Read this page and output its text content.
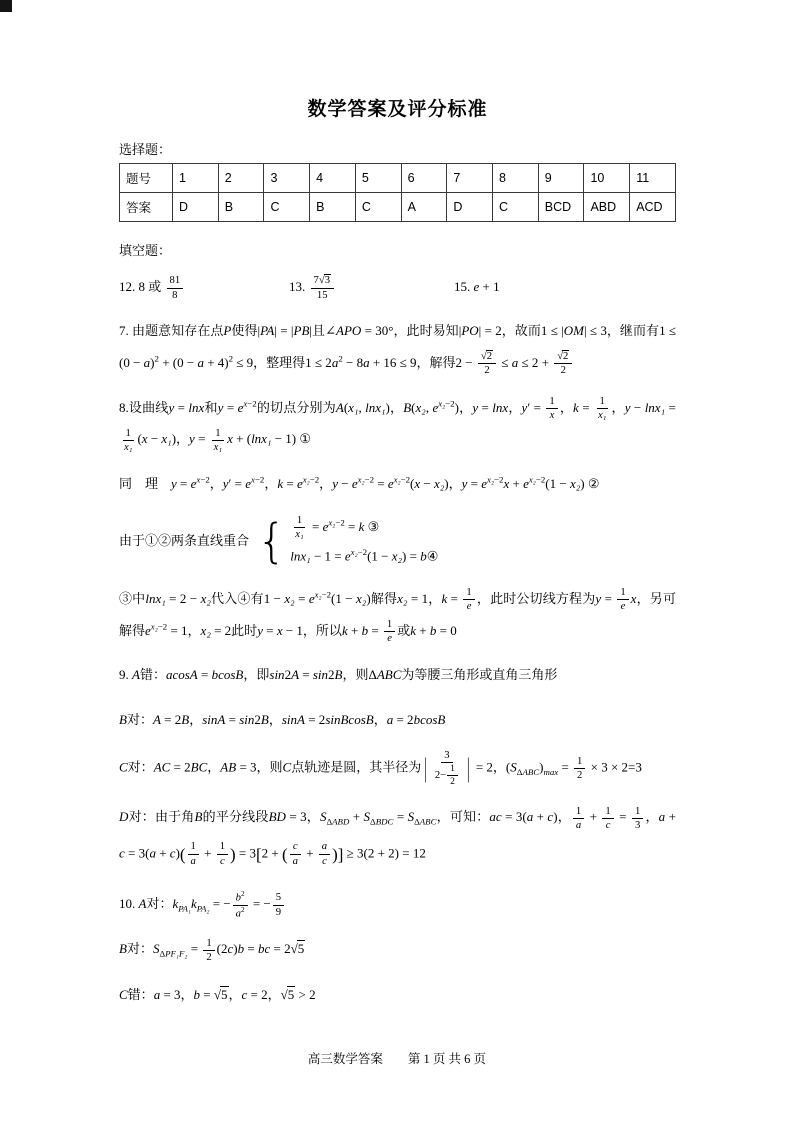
数学答案及评分标准
选择题：
题号	1	2	3	4	5	6	7	8	9	10	11
答案	D	B	C	B	C	A	D	C	BCD	ABD	ACD
填空题：
12. 8 或 $\frac{81}{8}$	13. $\frac{7√3}{15}$	15. e + 1

7. 由题意知存在点P使得|PA| = |PB|且∠APO = 30°，此时易知|PO| = 2，故而1 ≤ |OM| ≤ 3，继而有$1 \le (0 - a)^2 + (0 - a + 4)^2 \le 9$，整理得$1 \le 2a^2 - 8a + 16 \le 9$，解得$2 - \frac{√2}{2} \le a \le 2 + \frac{√2}{2}$

8.设曲线y = lnx和$y = e^{x-2}$的切点分别为A(x₁, lnx₁)，B(x₂, $e^{x_2-2}$)，y = lnx，$y' = \frac{1}{x}$ ，$k = \frac{1}{\text{x₁}}$ ，y − lnx₁ =
$\frac{1}{\text{x₁}} (x - x_1)$，$y = \frac{1}{\text{x₁}}$ x + (lnx₁ − 1) ①

同　理　$y = e^{x-2}$，$y' = e^{x-2}$，$k = e^{x_2-2}$，$y - e^{x_2-2} = e^{x_2-2}(x - x_2)$，$y = e^{x_2-2}x + e^{x_2-2}(1 - x_2)$ ②

由于①②两条直线重合 { $\frac{1}{\text{x₁}} = e^{x_2-2} = k$ ③
$\ln x_1 - 1 = e^{x_2-2}(1 - x_2)$ = b④

③中lnx₁ = 2 − x₂代入④有$1 - x_2 = e^{x_2-2}(1 - x_2)$解得x₂ = 1，$k = \frac{1}{e}$ ，此时公切线方程为$y = \frac{1}{e}$ x，另可解得$e^{x_2-2} = 1$，x₂ = 2此时y = x − 1，所以$k + b = \frac{1}{e}$ 或k + b = 0

9. A错：acosA = bcosB，即sin2A = sin2B，则ΔABC为等腰三角形或直角三角形

B对：A = 2B，sinA = sin2B，sinA = 2sinBcosB，a = 2bcosB

C对：AC = 2BC，AB = 3，则C点轨迹是圆，其半径为 | $\frac{3}{2- \frac{1}{2}}$ | = 2，$(S_{\Delta ABC})_{max} = \frac{1}{2} \times 3 \times 2=3$

D对：由于角B的平分线段BD = 3，$S_{\Delta ABD} + S_{\Delta BDC} = S_{\Delta ABC}$，可知：ac = 3(a + c)， $\frac{1}{a} + \frac{1}{c} = \frac{1}{3}$ ，$a + c = 3(a + c)( \frac{1}{a} + \frac{1}{c}$ ) = 3[2 + ( $\frac{c}{a} + \frac{a}{c}$ )] ≥ 3(2 + 2) = 12

10. A对：$k_{PA_1}k_{PA_2}$ = − $\frac{b^2}{a^2}$ = − $\frac{5}{9}$

B对：$S_{\Delta PF_1F_2} = \frac{1}{2} (2c)b$ = bc = 2√5

C错：a = 3，b = √5，c = 2，√5 > 2

高三数学答案　　第 1 页 共 6 页
